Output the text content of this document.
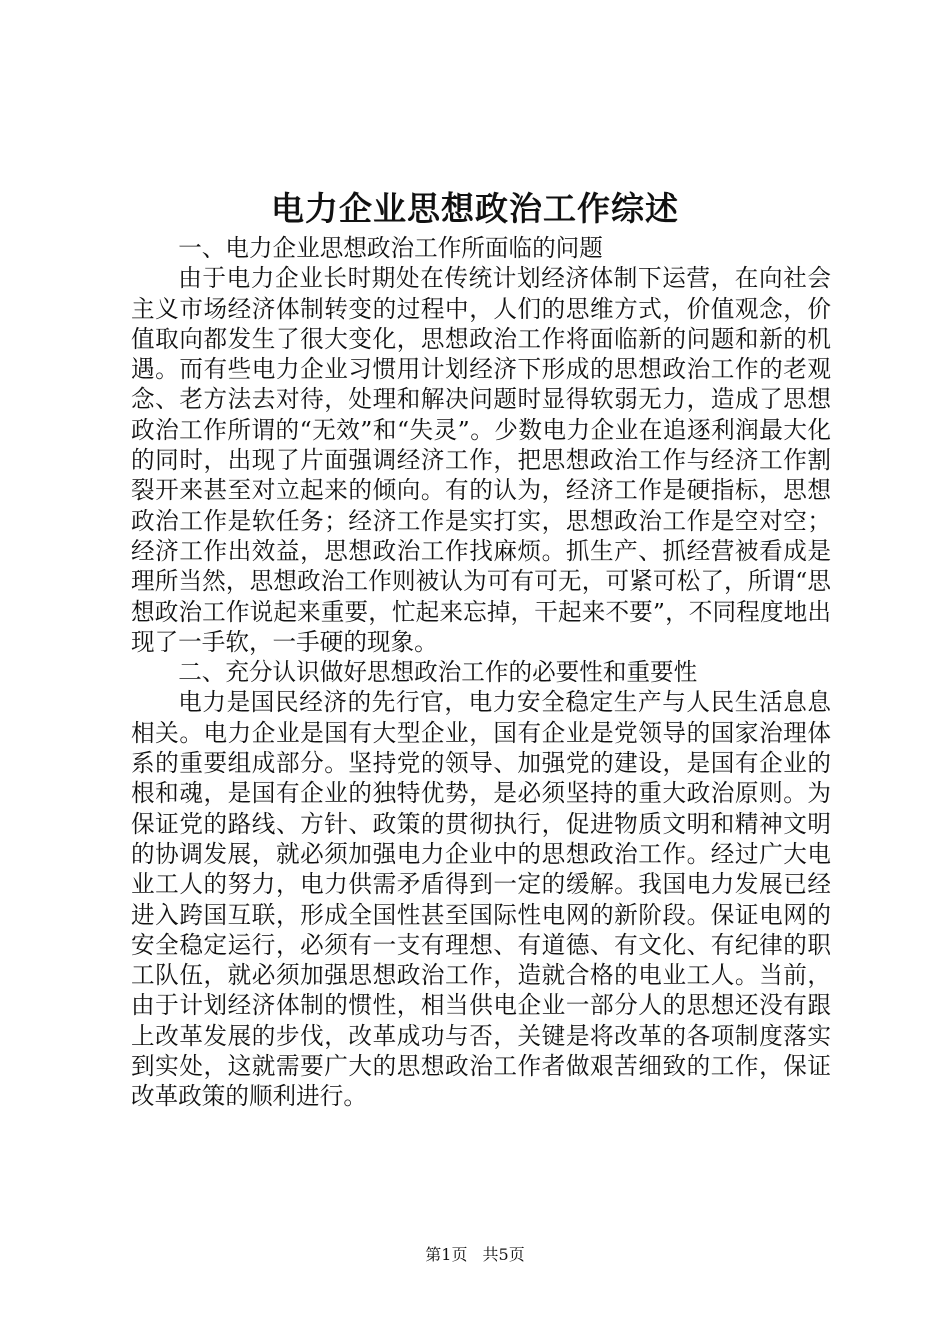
电力企业思想政治工作综述

一、电力企业思想政治工作所面临的问题

由于电力企业长时期处在传统计划经济体制下运营，在向社会主义市场经济体制转变的过程中，人们的思维方式，价值观念，价值取向都发生了很大变化，思想政治工作将面临新的问题和新的机遇。而有些电力企业习惯用计划经济下形成的思想政治工作的老观念、老方法去对待，处理和解决问题时显得软弱无力，造成了思想政治工作所谓的“无效”和“失灵”。少数电力企业在追逐利润最大化的同时，出现了片面强调经济工作，把思想政治工作与经济工作割裂开来甚至对立起来的倾向。有的认为，经济工作是硬指标，思想政治工作是软任务；经济工作是实打实，思想政治工作是空对空；经济工作出效益，思想政治工作找麻烦。抓生产、抓经营被看成是理所当然，思想政治工作则被认为可有可无，可紧可松了，所谓“思想政治工作说起来重要，忙起来忘掉，干起来不要”，不同程度地出现了一手软，一手硬的现象。

二、充分认识做好思想政治工作的必要性和重要性

电力是国民经济的先行官，电力安全稳定生产与人民生活息息相关。电力企业是国有大型企业，国有企业是党领导的国家治理体系的重要组成部分。坚持党的领导、加强党的建设，是国有企业的根和魂，是国有企业的独特优势，是必须坚持的重大政治原则。为保证党的路线、方针、政策的贯彻执行，促进物质文明和精神文明的协调发展，就必须加强电力企业中的思想政治工作。经过广大电业工人的努力，电力供需矛盾得到一定的缓解。我国电力发展已经进入跨国互联，形成全国性甚至国际性电网的新阶段。保证电网的安全稳定运行，必须有一支有理想、有道德、有文化、有纪律的职工队伍，就必须加强思想政治工作，造就合格的电业工人。当前，由于计划经济体制的惯性，相当供电企业一部分人的思想还没有跟上改革发展的步伐，改革成功与否，关键是将改革的各项制度落实到实处，这就需要广大的思想政治工作者做艰苦细致的工作，保证改革政策的顺利进行。

第1页 共5页
